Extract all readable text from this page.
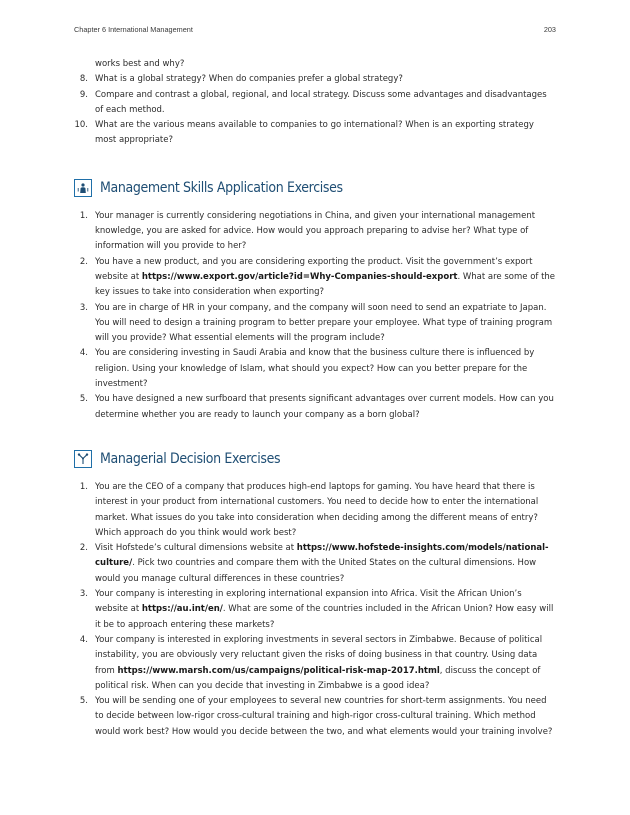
Chapter 6 International Management	203

works best and why?

8. What is a global strategy? When do companies prefer a global strategy?
9. Compare and contrast a global, regional, and local strategy. Discuss some advantages and disadvantages of each method.
10. What are the various means available to companies to go international? When is an exporting strategy most appropriate?
Management Skills Application Exercises
1. Your manager is currently considering negotiations in China, and given your international management knowledge, you are asked for advice. How would you approach preparing to advise her? What type of information will you provide to her?
2. You have a new product, and you are considering exporting the product. Visit the government’s export website at https://www.export.gov/article?id=Why-Companies-should-export. What are some of the key issues to take into consideration when exporting?
3. You are in charge of HR in your company, and the company will soon need to send an expatriate to Japan. You will need to design a training program to better prepare your employee. What type of training program will you provide? What essential elements will the program include?
4. You are considering investing in Saudi Arabia and know that the business culture there is influenced by religion. Using your knowledge of Islam, what should you expect? How can you better prepare for the investment?
5. You have designed a new surfboard that presents significant advantages over current models. How can you determine whether you are ready to launch your company as a born global?
Managerial Decision Exercises
1. You are the CEO of a company that produces high-end laptops for gaming. You have heard that there is interest in your product from international customers. You need to decide how to enter the international market. What issues do you take into consideration when deciding among the different means of entry? Which approach do you think would work best?
2. Visit Hofstede’s cultural dimensions website at https://www.hofstede-insights.com/models/national-culture/. Pick two countries and compare them with the United States on the cultural dimensions. How would you manage cultural differences in these countries?
3. Your company is interesting in exploring international expansion into Africa. Visit the African Union’s website at https://au.int/en/. What are some of the countries included in the African Union? How easy will it be to approach entering these markets?
4. Your company is interested in exploring investments in several sectors in Zimbabwe. Because of political instability, you are obviously very reluctant given the risks of doing business in that country. Using data from https://www.marsh.com/us/campaigns/political-risk-map-2017.html, discuss the concept of political risk. When can you decide that investing in Zimbabwe is a good idea?
5. You will be sending one of your employees to several new countries for short-term assignments. You need to decide between low-rigor cross-cultural training and high-rigor cross-cultural training. Which method would work best? How would you decide between the two, and what elements would your training involve?
